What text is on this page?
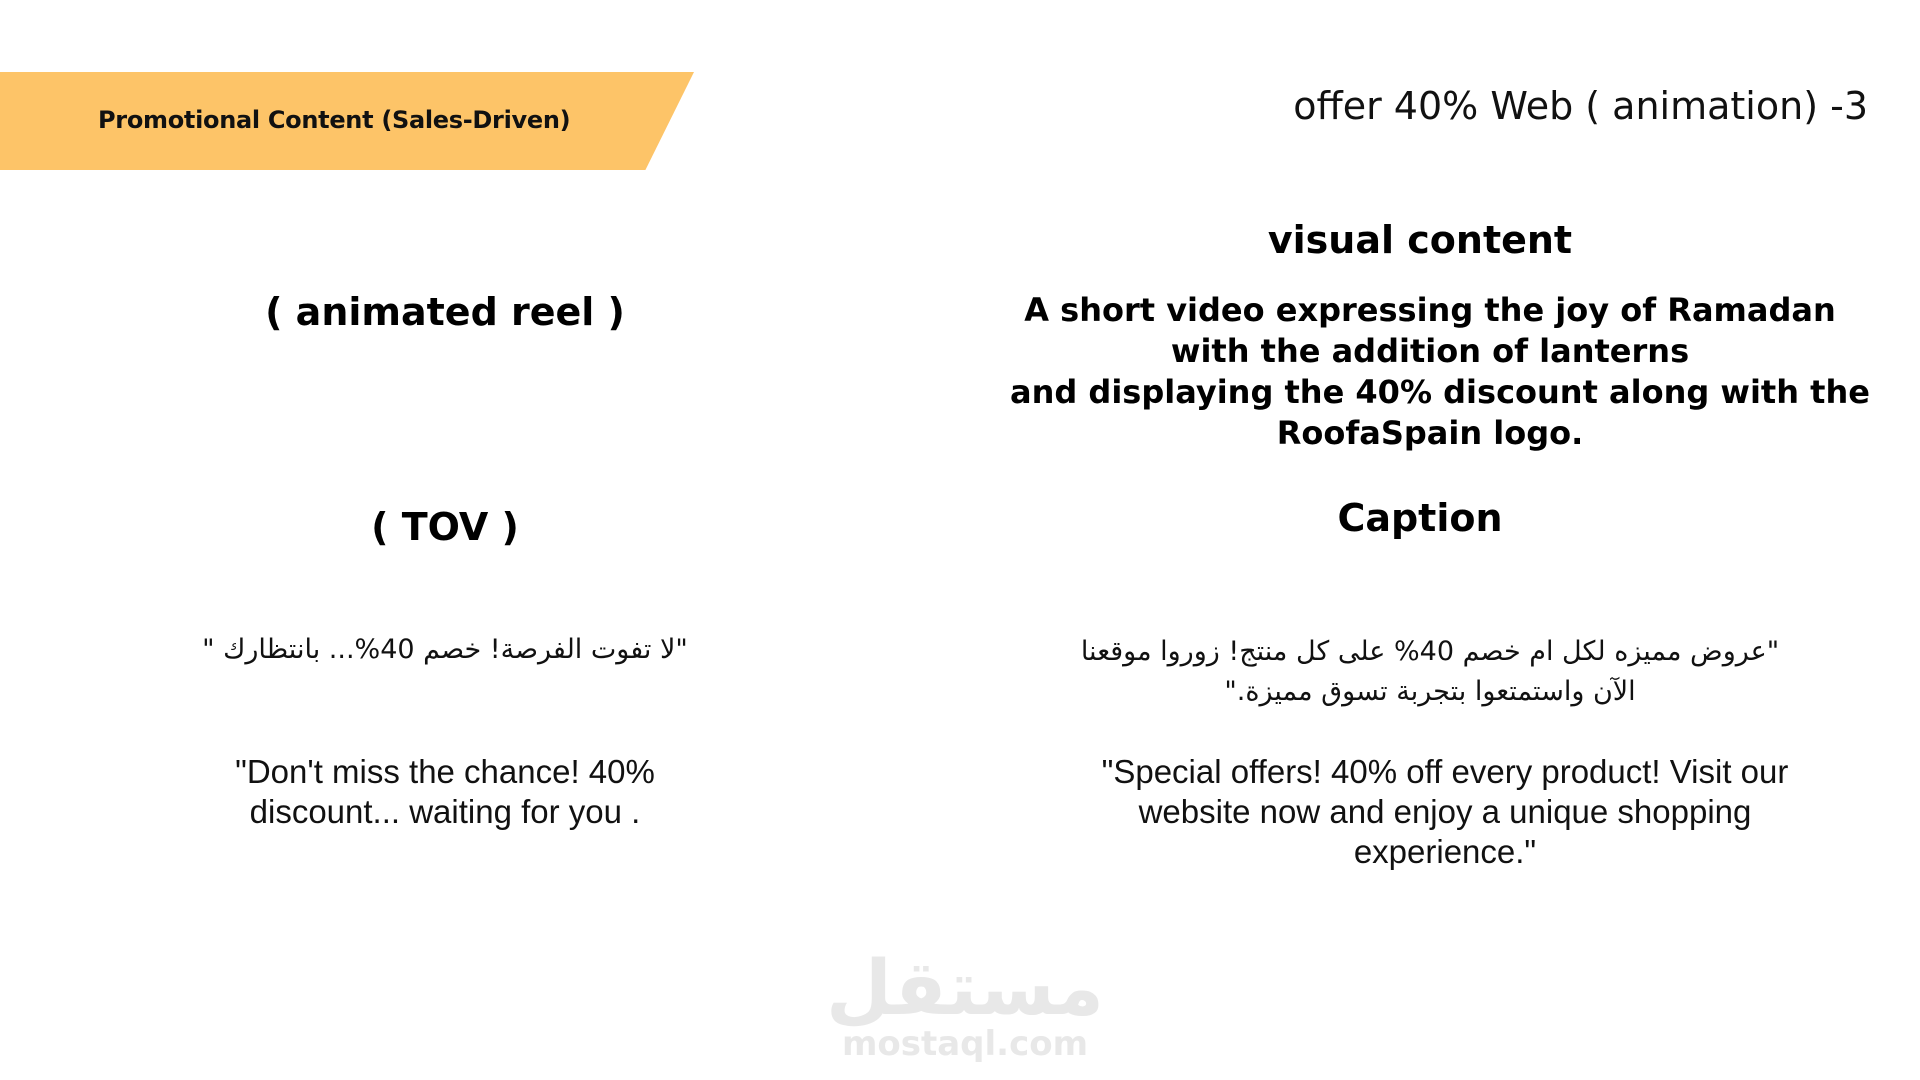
Promotional Content (Sales-Driven)	offer 40% Web ( animation) -3
( animated reel )
( TOV )
visual content
A short video expressing the joy of Ramadan
with the addition of lanterns
and displaying the 40% discount along with the
RoofaSpain logo.
Caption
"لا تفوت الفرصة! خصم 40%... بانتظارك "	"عروض مميزه لكل ام خصم 40% على كل منتج! زوروا موقعنا
الآن واستمتعوا بتجربة تسوق مميزة."
"Don't miss the chance! 40%
discount... waiting for you .
"Special offers! 40% off every product! Visit our
website now and enjoy a unique shopping
experience."
مستقل
mostaql.com
